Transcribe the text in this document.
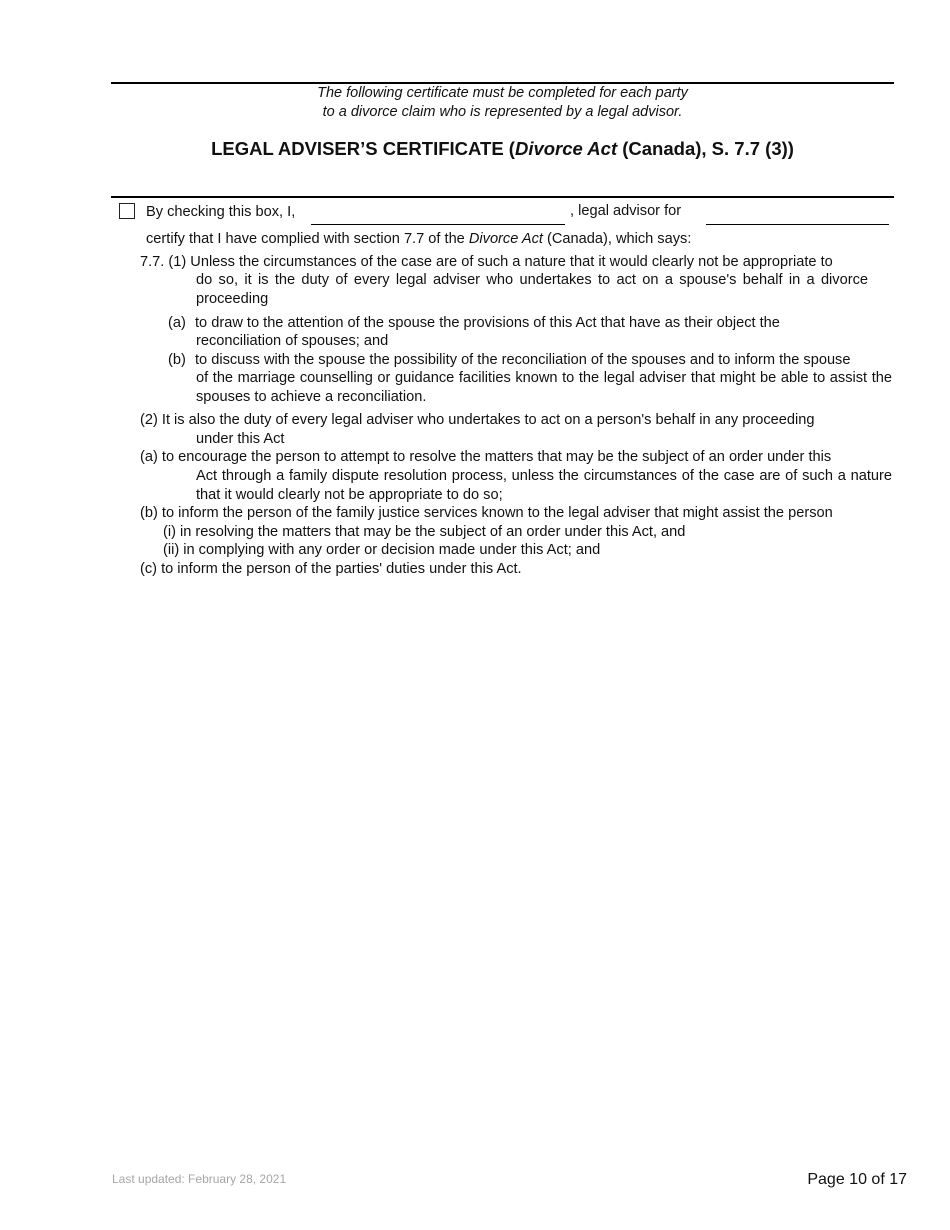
The following certificate must be completed for each party
to a divorce claim who is represented by a legal advisor.
LEGAL ADVISER’S CERTIFICATE (Divorce Act (Canada), S. 7.7 (3))
By checking this box, I,	, legal advisor for
certify that I have complied with section 7.7 of the Divorce Act (Canada), which says:
7.7. (1) Unless the circumstances of the case are of such a nature that it would clearly not be appropriate to
do so, it is the duty of every legal adviser who undertakes to act on a spouse's behalf in a divorce proceeding
(a) to draw to the attention of the spouse the provisions of this Act that have as their object the
reconciliation of spouses; and
(b) to discuss with the spouse the possibility of the reconciliation of the spouses and to inform the spouse
of the marriage counselling or guidance facilities known to the legal adviser that might be able to assist the spouses to achieve a reconciliation.
(2) It is also the duty of every legal adviser who undertakes to act on a person's behalf in any proceeding
under this Act
(a) to encourage the person to attempt to resolve the matters that may be the subject of an order under this
Act through a family dispute resolution process, unless the circumstances of the case are of such a nature that it would clearly not be appropriate to do so;
(b) to inform the person of the family justice services known to the legal adviser that might assist the person
(i) in resolving the matters that may be the subject of an order under this Act, and
(ii) in complying with any order or decision made under this Act; and
(c) to inform the person of the parties' duties under this Act.
Last updated: February 28, 2021	Page 10 of 17
